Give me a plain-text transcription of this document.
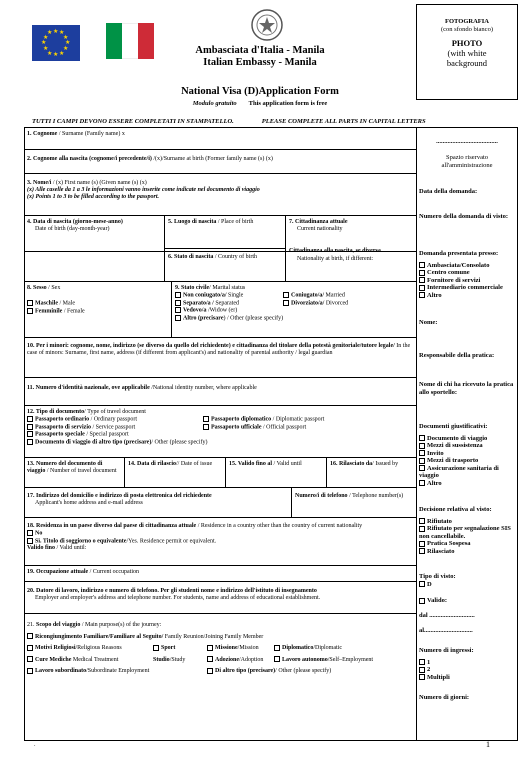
★ ★
★
★
★
★
★
★
★
★
★
★
Ambasciata d'Italia - Manila
Italian Embassy - Manila
National Visa (D)Application Form
Modulo gratuito This application form is free
FOTOGRAFIA
(con sfondo bianco)
PHOTO
(with white
background
TUTTI I CAMPI DEVONO ESSERE COMPLETATI IN STAMPATELLO.	PLEASE COMPLETE ALL PARTS IN CAPITAL LETTERS
1. Cognome / Surname (Family name) x
2. Cognome alla nascita (cognome/i precedente/i) /(x)/Surname at birth (Former family name (s) (x)
3. Nome/i / (x) First name (s) (Given name (s) (x)
(x) Alle caselle da 1 a 3 le informazioni vanno inserite come indicate nel documento di viaggio
(x) Points 1 to 3 to be filled according to the passport.
4. Data di nascita (giorno-mese-anno)
Date of birth (day-month-year)
5. Luogo di nascita / Place of birth
6. Stato di nascita / Country of birth
7. Cittadinanza attuale
Current nationality
Cittadinanza alla nascita, se diversa
Nationality at birth, if different:
8. Sesso / Sex
Maschile / Male
Femminile / Female
9. Stato civile/ Marital status
Non coniugato/a/ Single	Coniugato/a/ Married
Separato/a / Separated	Divorziato/a/ Divorced
Vedovo/a /Widow (er)
Altro (precisare) / Other (please specify)
10. Per i minori: cognome, nome, indirizzo (se diverso da quello del richiedente) e cittadinanza del titolare della potestà genitoriale/tutore legale/ In the case of minors: Surname, first name, address (if different from applicant's) and nationality of parental authority / legal guardian
11. Numero d'identità nazionale, ove applicabile /National identity number, where applicable
12. Tipo di documento/ Type of travel document
Passaporto ordinario / Ordinary passport	Passaporto diplomatico / Diplomatic passport
Passaporto di servizio / Service passport	Passaporto ufficiale / Official passport
Passaporto speciale / Special passport
Documento di viaggio di altro tipo (precisare)/ Other (please specify)
13. Numero del documento di viaggio / Number of travel document
14. Data di rilascio// Date of issue	15. Valido fino al / Valid until	16. Rilasciato da/ Issued by
17. Indirizzo del domicilio e indirizzo di posta elettronica del richiedente
Applicant's home address and e-mail address
Numero/i di telefono / Telephone number(s)
18. Residenza in un paese diverso dal paese di cittadinanza attuale / Residence in a country other than the country of current nationality
No
Sì. Titolo di soggiorno o equivalente/Yes. Residence permit or equivalent.
Valido fino / Valid until:
19. Occupazione attuale / Current occupation
20. Datore di lavoro, indirizzo e numero di telefono. Per gli studenti nome e indirizzo dell'istituto di insegnamento
Employer and employer's address and telephone number. For students, name and address of educational establishment.
21. Scopo del viaggio / Main purpose(s) of the journey:
Ricongiungimento Familiare/Familiare al Seguito/ Family Reunion/Joining Family Member
Motivi Religiosi/Religious Reasons	Sport	Missione/Mission	Diplomatico/Diplomatic
Cure Mediche Medical Treatment	Studio/Study	Adozione/Adoption	Lavoro autonomo/Self–Employment
Lavoro subordinato/Subordinate Employment	Di altro tipo (precisare)/ Other (please specify)
......................................
Spazio riservato
all'amministrazione
Data della domanda:
Numero della domanda di visto:
Domanda presentata presso:
Ambasciata/Consolato
Centro comune
Fornitore di servizi
Intermediario commerciale
Altro
Nome:
Responsabile della pratica:
Nome di chi ha ricevuto la pratica allo sportello:
Documenti giustificativi:
Documento di viaggio
Mezzi di sussistenza
Invito
Mezzi di trasporto
Assicurazione sanitaria di viaggio
Altro
Decisione relativa al visto:
Rifiutato
Rifiutato per segnalazione SIS non cancellabile.
Pratica Sospesa
Rilasciato
Tipo di visto:
D
Valido:
dal ............................
al..............................
Numero di ingressi:
1
2
Multipli
Numero di giorni:
.	1
